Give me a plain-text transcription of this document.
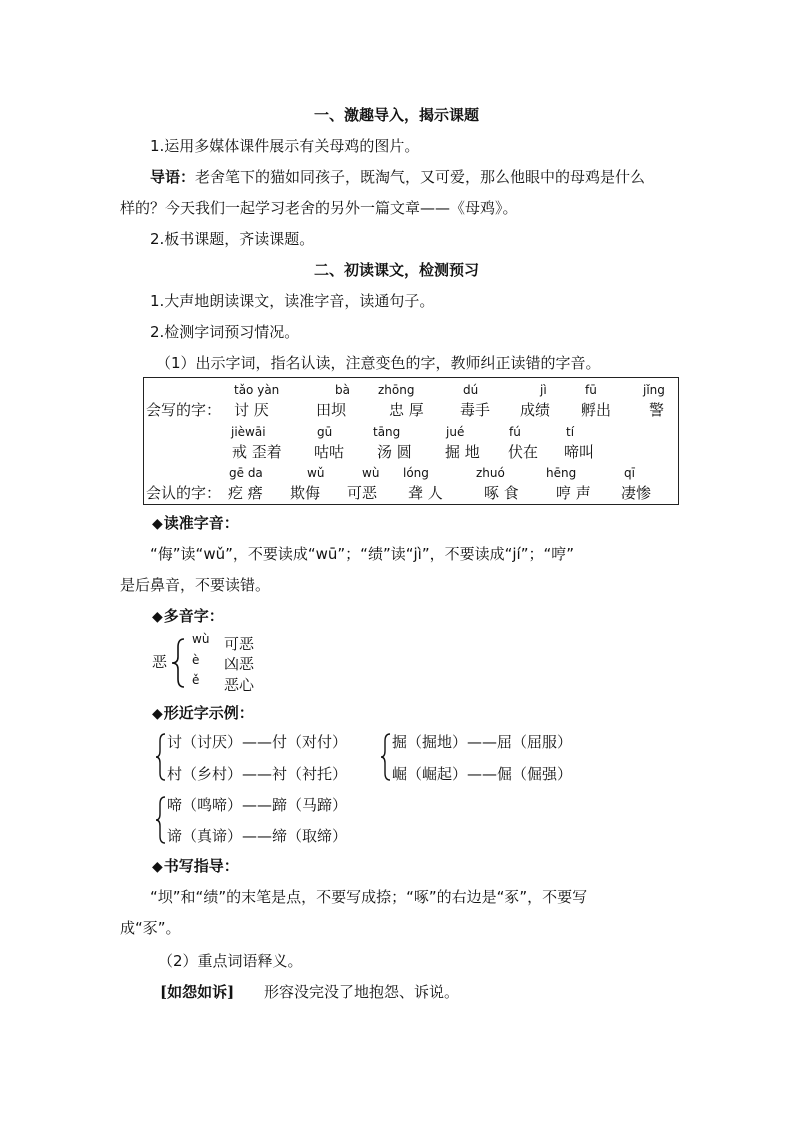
一、激趣导入，揭示课题
1.运用多媒体课件展示有关母鸡的图片。
导语：老舍笔下的猫如同孩子，既淘气，又可爱，那么他眼中的母鸡是什么
样的？今天我们一起学习老舍的另外一篇文章——《母鸡》。
2.板书课题，齐读课题。
二、初读课文，检测预习
1.大声地朗读课文，读准字音，读通句子。
2.检测字词预习情况。
（1）出示字词，指名认读，注意变色的字，教师纠正读错的字音。
会写的字：
tǎo yàn
讨 厌
bà
田坝
zhōng
忠 厚
dú
毒手
jì
成绩
fū
孵出
jǐng
警
jièwāi
戒 歪着
gū
咕咕
tāng
汤 圆
jué
掘 地
fú
伏在
tí
啼叫
会认的字：
gē da
疙 瘩
wǔ
欺侮
wù
可恶
lóng
聋 人
zhuó
啄 食
hēng
哼 声
qī
凄惨
◆读准字音：
“侮”读“wǔ”，不要读成“wū”；“绩”读“jì”，不要读成“jí”；“哼”
是后鼻音，不要读错。
◆多音字：
恶
wù 可恶
è 凶恶
ě 恶心
◆形近字示例：
讨（讨厌）——付（对付）
村（乡村）——衬（衬托）
掘（掘地）——屈（屈服）
崛（崛起）——倔（倔强）
啼（鸣啼）——蹄（马蹄）
谛（真谛）——缔（取缔）
◆书写指导：
“坝”和“绩”的末笔是点，不要写成捺；“啄”的右边是“豖”，不要写
成“豕”。
（2）重点词语释义。
[如怨如诉] 形容没完没了地抱怨、诉说。
